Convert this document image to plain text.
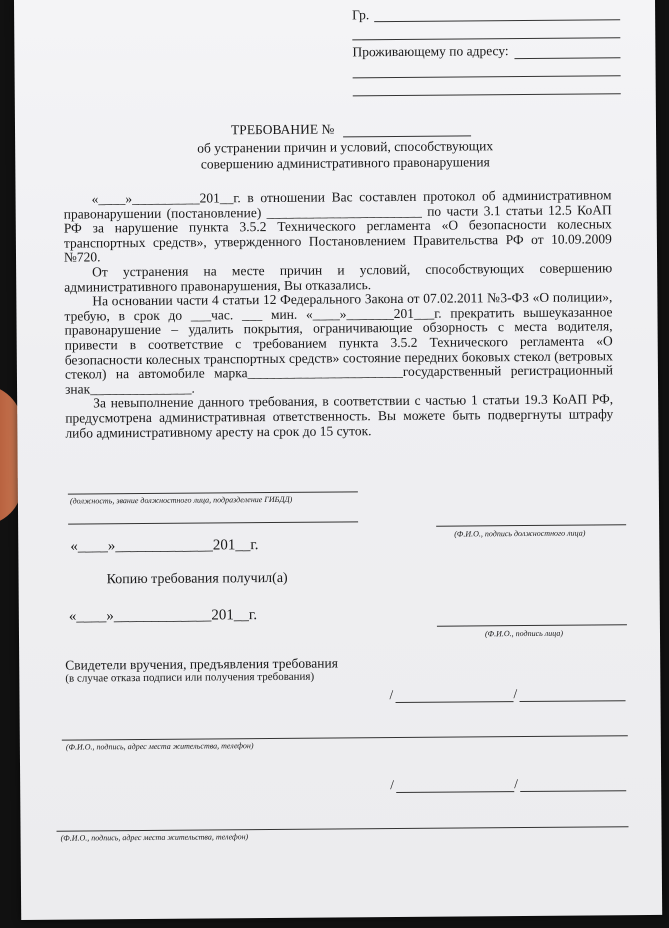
Гр.
Проживающему по адресу:
ТРЕБОВАНИЕ №
об устранении причин и условий, способствующих
совершению административного правонарушения

«____»__________201__г. в отношении Вас составлен протокол об административном правонарушении (постановление) _______________________ по части 3.1 статьи 12.5 КоАП РФ за нарушение пункта 3.5.2 Технического регламента «О безопасности колесных транспортных средств», утвержденного Постановлением Правительства РФ от 10.09.2009 №720.

От устранения на месте причин и условий, способствующих совершению административного правонарушения, Вы отказались.

На основании части 4 статьи 12 Федерального Закона от 07.02.2011 №3-ФЗ «О полиции», требую, в срок до ___час. ___ мин. «____»_______201___г. прекратить вышеуказанное правонарушение – удалить покрытия, ограничивающие обзорность с места водителя, привести в соответствие с требованием пункта 3.5.2 Технического регламента «О безопасности колесных транспортных средств» состояние передних боковых стекол (ветровых стекол) на автомобиле марка_______________________государственный регистрационный знак_______________.

За невыполнение данного требования, в соответствии с частью 1 статьи 19.3 КоАП РФ, предусмотрена административная ответственность. Вы можете быть подвергнуты штрафу либо административному аресту на срок до 15 суток.

(должность, звание должностного лица, подразделение ГИБДД)
(Ф.И.О., подпись должностного лица)
«____»_____________201__г.
Копию требования получил(а)
«____»_____________201__г.
(Ф.И.О., подпись лица)
Свидетели вручения, предъявления требования
(в случае отказа подписи или получения требования)
/	/
(Ф.И.О., подпись, адрес места жительства, телефон)
/	/
(Ф.И.О., подпись, адрес места жительства, телефон)
